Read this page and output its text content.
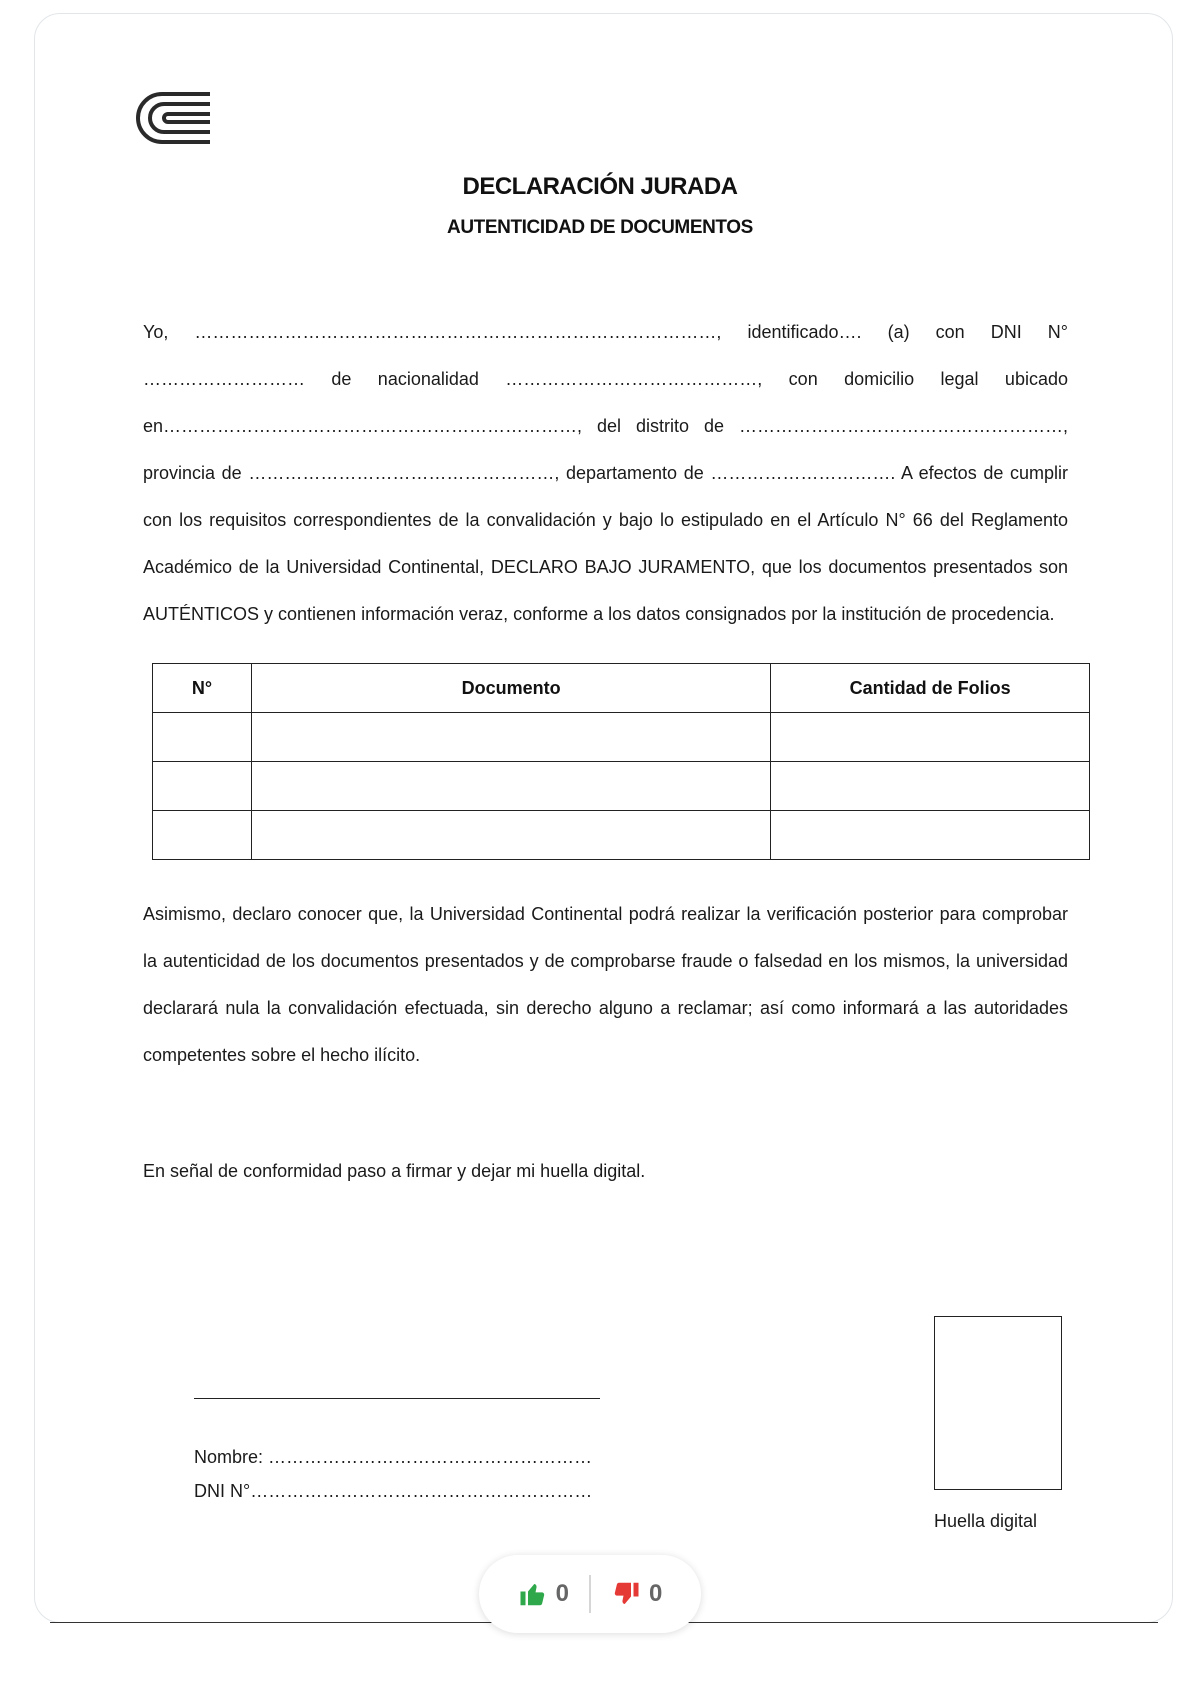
DECLARACIÓN JURADA
AUTENTICIDAD DE DOCUMENTOS

Yo, ……………………………………………………………………………, identificado…. (a) con DNI N° ……………………… de nacionalidad ……………………………………, con domicilio legal ubicado en……………………………………………………………, del distrito de ………………………………………………, provincia de ……………………………………………, departamento de …………………………. A efectos de cumplir con los requisitos correspondientes de la convalidación y bajo lo estipulado en el Artículo N° 66 del Reglamento Académico de la Universidad Continental, DECLARO BAJO JURAMENTO, que los documentos presentados son AUTÉNTICOS y contienen información veraz, conforme a los datos consignados por la institución de procedencia.

N°	Documento	Cantidad de Folios

Asimismo, declaro conocer que, la Universidad Continental podrá realizar la verificación posterior para comprobar la autenticidad de los documentos presentados y de comprobarse fraude o falsedad en los mismos, la universidad declarará nula la convalidación efectuada, sin derecho alguno a reclamar; así como informará a las autoridades competentes sobre el hecho ilícito.

En señal de conformidad paso a firmar y dejar mi huella digital.

Nombre: ………………………………………………
DNI N°…………………………………………………
Huella digital
0	0
